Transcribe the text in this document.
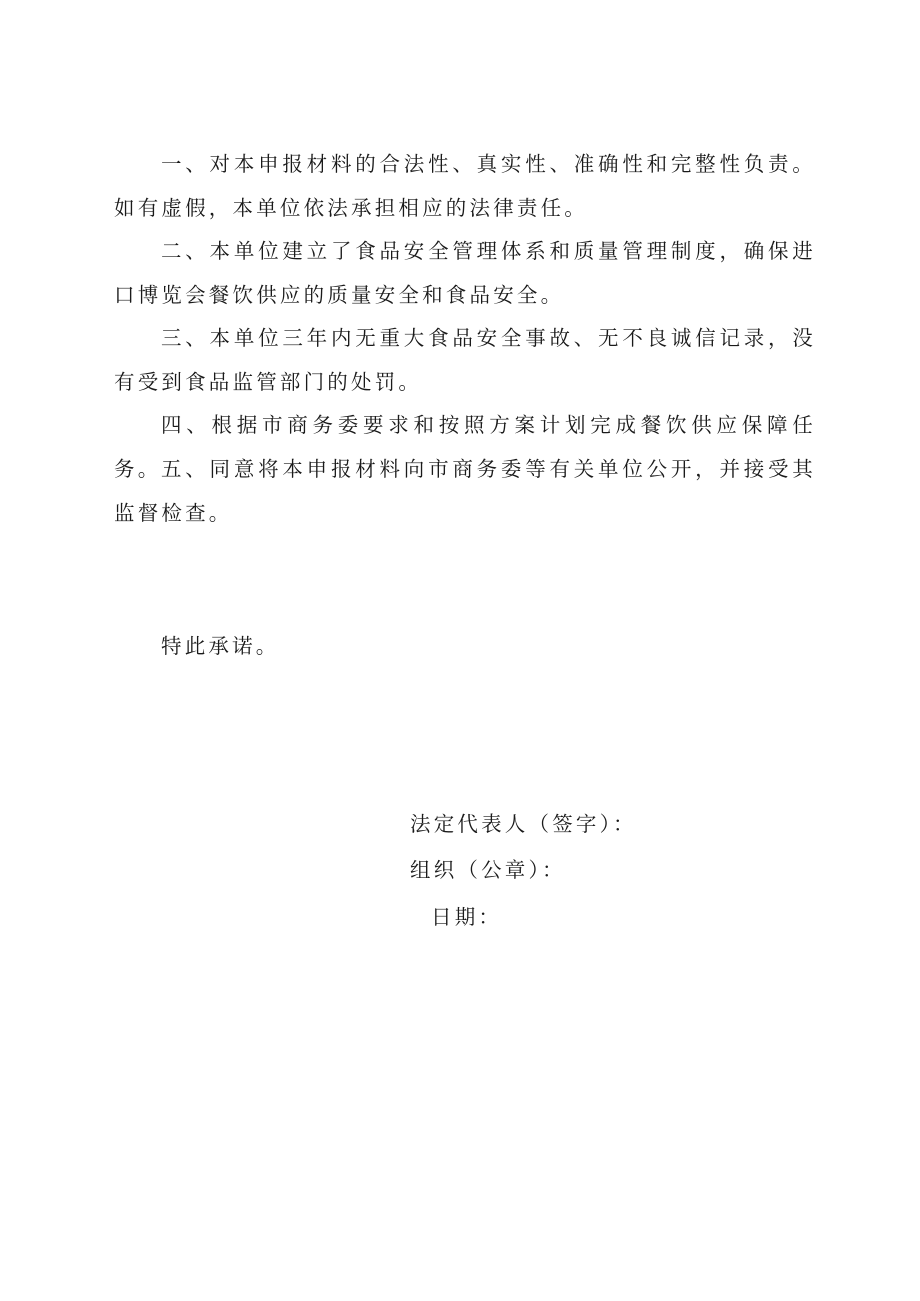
一、对本申报材料的合法性、真实性、准确性和完整性负责。如有虚假，本单位依法承担相应的法律责任。

二、本单位建立了食品安全管理体系和质量管理制度，确保进口博览会餐饮供应的质量安全和食品安全。

三、本单位三年内无重大食品安全事故、无不良诚信记录，没有受到食品监管部门的处罚。

四、根据市商务委要求和按照方案计划完成餐饮供应保障任务。 五、同意将本申报材料向市商务委等有关单位公开，并接受其监督检查。

特此承诺。

法定代表人（签字）：

组织（公章）：

日期：
